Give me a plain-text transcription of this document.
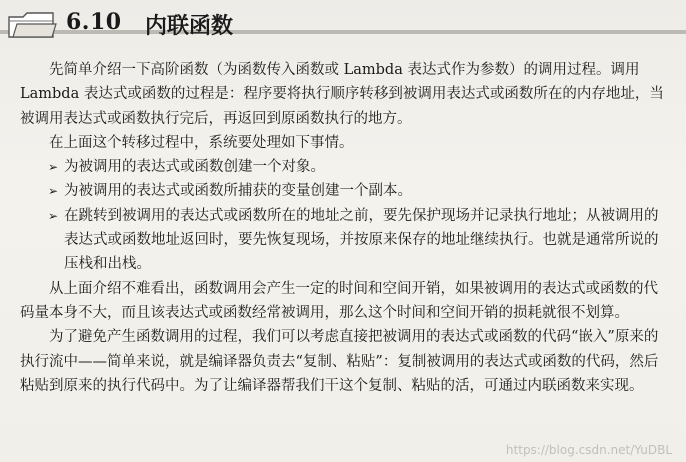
6.10 内联函数

先简单介绍一下高阶函数（为函数传入函数或 Lambda 表达式作为参数）的调用过程。调用 Lambda 表达式或函数的过程是：程序要将执行顺序转移到被调用表达式或函数所在的内存地址，当被调用表达式或函数执行完后，再返回到原函数执行的地方。

在上面这个转移过程中，系统要处理如下事情。

➢ 为被调用的表达式或函数创建一个对象。
➢ 为被调用的表达式或函数所捕获的变量创建一个副本。
➢ 在跳转到被调用的表达式或函数所在的地址之前，要先保护现场并记录执行地址；从被调用的表达式或函数地址返回时，要先恢复现场，并按原来保存的地址继续执行。也就是通常所说的压栈和出栈。

从上面介绍不难看出，函数调用会产生一定的时间和空间开销，如果被调用的表达式或函数的代码量本身不大，而且该表达式或函数经常被调用，那么这个时间和空间开销的损耗就很不划算。

为了避免产生函数调用的过程，我们可以考虑直接把被调用的表达式或函数的代码“嵌入”原来的执行流中——简单来说，就是编译器负责去“复制、粘贴”：复制被调用的表达式或函数的代码，然后粘贴到原来的执行代码中。为了让编译器帮我们干这个复制、粘贴的活，可通过内联函数来实现。

https://blog.csdn.net/YuDBL
